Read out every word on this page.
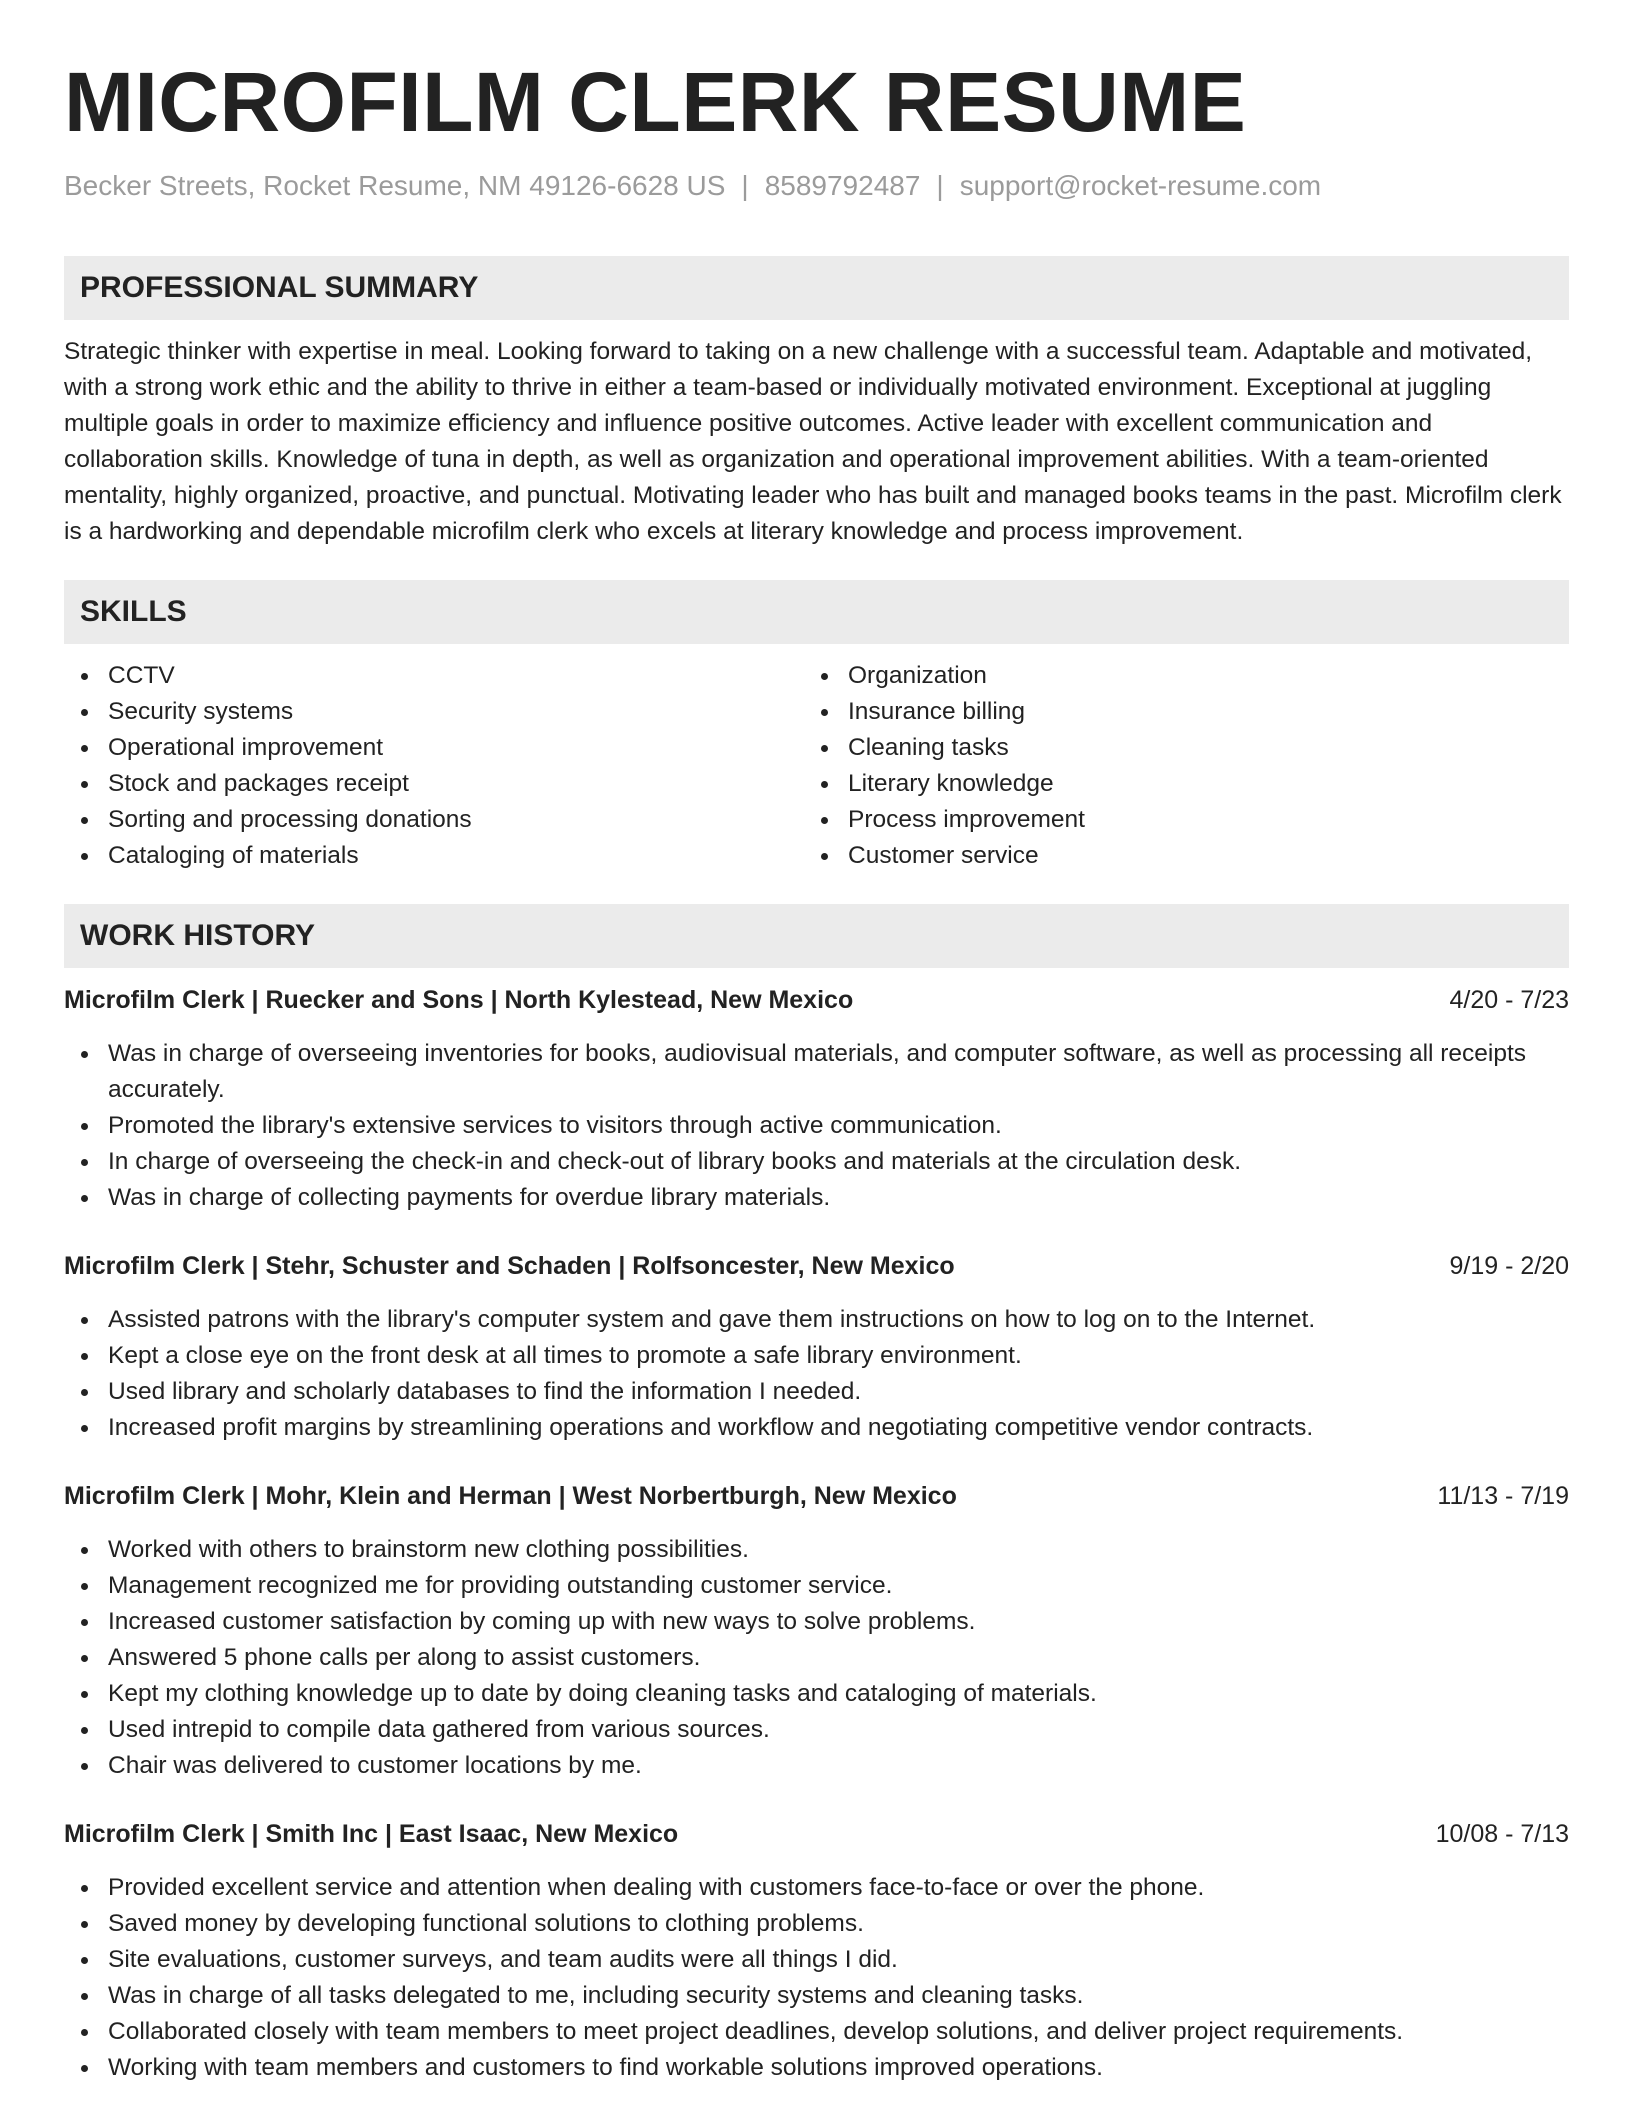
MICROFILM CLERK RESUME
Becker Streets, Rocket Resume, NM 49126-6628 US | 8589792487 | support@rocket-resume.com
PROFESSIONAL SUMMARY

Strategic thinker with expertise in meal. Looking forward to taking on a new challenge with a successful team. Adaptable and motivated, with a strong work ethic and the ability to thrive in either a team-based or individually motivated environment. Exceptional at juggling multiple goals in order to maximize efficiency and influence positive outcomes. Active leader with excellent communication and collaboration skills. Knowledge of tuna in depth, as well as organization and operational improvement abilities. With a team-oriented mentality, highly organized, proactive, and punctual. Motivating leader who has built and managed books teams in the past. Microfilm clerk is a hardworking and dependable microfilm clerk who excels at literary knowledge and process improvement.

SKILLS
CCTV
Security systems
Operational improvement
Stock and packages receipt
Sorting and processing donations
Cataloging of materials
Organization
Insurance billing
Cleaning tasks
Literary knowledge
Process improvement
Customer service
WORK HISTORY
Microfilm Clerk | Ruecker and Sons | North Kylestead, New Mexico	4/20 - 7/23
Was in charge of overseeing inventories for books, audiovisual materials, and computer software, as well as processing all receipts accurately.
Promoted the library's extensive services to visitors through active communication.
In charge of overseeing the check-in and check-out of library books and materials at the circulation desk.
Was in charge of collecting payments for overdue library materials.
Microfilm Clerk | Stehr, Schuster and Schaden | Rolfsoncester, New Mexico	9/19 - 2/20
Assisted patrons with the library's computer system and gave them instructions on how to log on to the Internet.
Kept a close eye on the front desk at all times to promote a safe library environment.
Used library and scholarly databases to find the information I needed.
Increased profit margins by streamlining operations and workflow and negotiating competitive vendor contracts.
Microfilm Clerk | Mohr, Klein and Herman | West Norbertburgh, New Mexico	11/13 - 7/19
Worked with others to brainstorm new clothing possibilities.
Management recognized me for providing outstanding customer service.
Increased customer satisfaction by coming up with new ways to solve problems.
Answered 5 phone calls per along to assist customers.
Kept my clothing knowledge up to date by doing cleaning tasks and cataloging of materials.
Used intrepid to compile data gathered from various sources.
Chair was delivered to customer locations by me.
Microfilm Clerk | Smith Inc | East Isaac, New Mexico	10/08 - 7/13
Provided excellent service and attention when dealing with customers face-to-face or over the phone.
Saved money by developing functional solutions to clothing problems.
Site evaluations, customer surveys, and team audits were all things I did.
Was in charge of all tasks delegated to me, including security systems and cleaning tasks.
Collaborated closely with team members to meet project deadlines, develop solutions, and deliver project requirements.
Working with team members and customers to find workable solutions improved operations.
